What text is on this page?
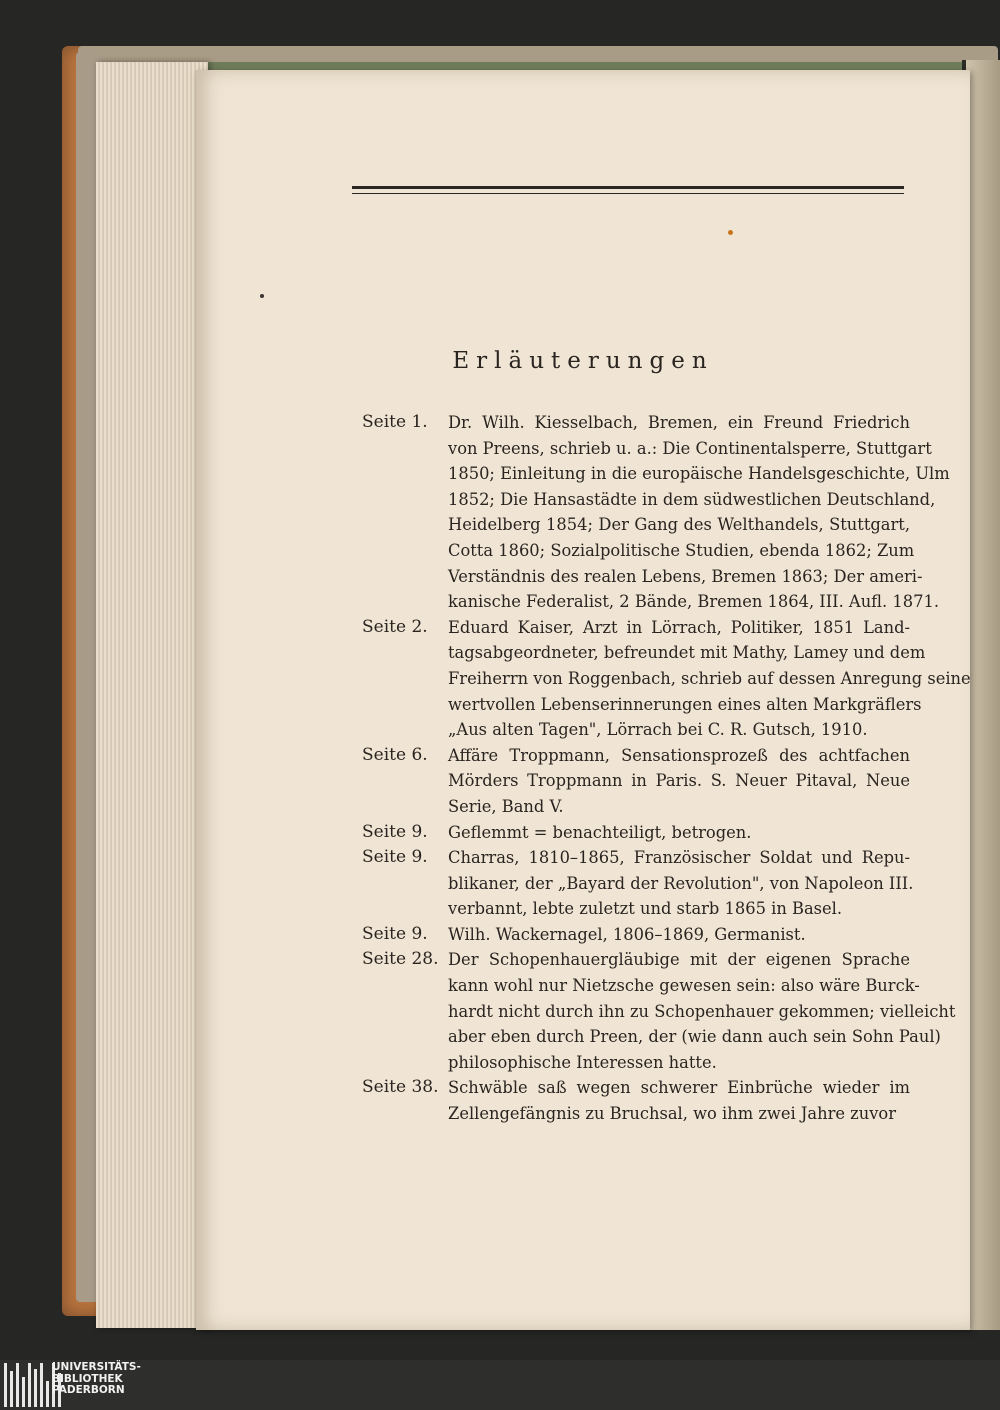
Erläuterungen
Seite 1. Dr. Wilh. Kiesselbach, Bremen, ein Freund Friedrich
von Preens, schrieb u. a.: Die Continentalsperre, Stuttgart
1850; Einleitung in die europäische Handelsgeschichte, Ulm
1852; Die Hansastädte in dem südwestlichen Deutschland,
Heidelberg 1854; Der Gang des Welthandels, Stuttgart,
Cotta 1860; Sozialpolitische Studien, ebenda 1862; Zum
Verständnis des realen Lebens, Bremen 1863; Der ameri-
kanische Federalist, 2 Bände, Bremen 1864, III. Aufl. 1871.
Seite 2. Eduard Kaiser, Arzt in Lörrach, Politiker, 1851 Land-
tagsabgeordneter, befreundet mit Mathy, Lamey und dem
Freiherrn von Roggenbach, schrieb auf dessen Anregung seine
wertvollen Lebenserinnerungen eines alten Markgräflers
„Aus alten Tagen", Lörrach bei C. R. Gutsch, 1910.
Seite 6. Affäre Troppmann, Sensationsprozeß des achtfachen
Mörders Troppmann in Paris. S. Neuer Pitaval, Neue
Serie, Band V.
Seite 9. Geflemmt = benachteiligt, betrogen.
Seite 9. Charras, 1810–1865, Französischer Soldat und Repu-
blikaner, der „Bayard der Revolution", von Napoleon III.
verbannt, lebte zuletzt und starb 1865 in Basel.
Seite 9. Wilh. Wackernagel, 1806–1869, Germanist.
Seite 28. Der Schopenhauergläubige mit der eigenen Sprache
kann wohl nur Nietzsche gewesen sein: also wäre Burck-
hardt nicht durch ihn zu Schopenhauer gekommen; vielleicht
aber eben durch Preen, der (wie dann auch sein Sohn Paul)
philosophische Interessen hatte.
Seite 38. Schwäble saß wegen schwerer Einbrüche wieder im
Zellengefängnis zu Bruchsal, wo ihm zwei Jahre zuvor
UNIVERSITÄTS-
BIBLIOTHEK
PADERBORN
